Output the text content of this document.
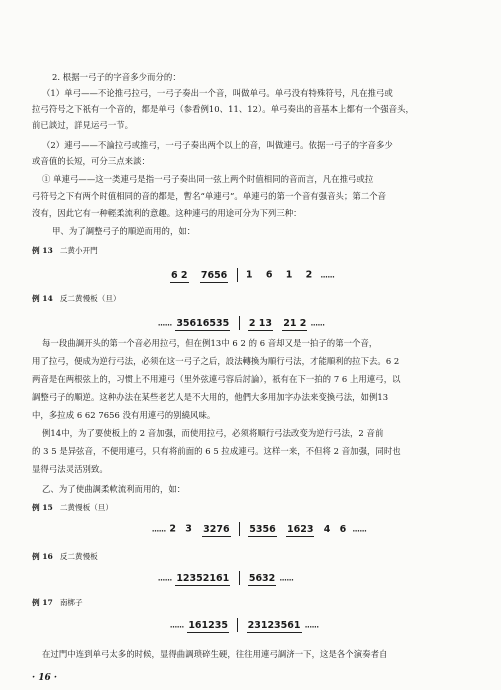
2. 根据一弓子的字音多少而分的：
（1）单弓——不论推弓拉弓，一弓子奏出一个音，叫做单弓。单弓没有特殊符号，凡在推弓或
拉弓符号之下祇有一个音的，都是单弓（参看例10、11、12）。单弓奏出的音基本上都有一个强音头，
前已談过，詳見运弓一节。
（2）連弓——不論拉弓或推弓，一弓子奏出两个以上的音，叫做連弓。依据一弓子的字音多少
或音值的长短，可分三点来談：
① 单連弓——这一类連弓是指一弓子奏出同一弦上两个时值相同的音而言，凡在推弓或拉
弓符号之下有两个时值相同的音的都是，暫名“单連弓”。单連弓的第一个音有强音头；第二个音
沒有，因此它有一种輕柔流利的意趣。这种連弓的用途可分为下列三种：
甲、为了調整弓子的順逆而用的，如：
例 13 二黄小开門
6 2 7656 1 6 1 2 ……
例 14 反二黄慢板（旦）
…… 35616535 2 13 21 2 ……
每一段曲調开头的第一个音必用拉弓，但在例13中 6 2 的 6 音却又是一拍子的第一个音，
用了拉弓，便成为逆行弓法，必须在这一弓子之后，設法轉換为順行弓法，才能順利的拉下去。6 2
两音是在两根弦上的，习惯上不用連弓（里外弦連弓容后討論），祇有在下一拍的 7 6 上用連弓，以
調整弓子的順逆。这种办法在某些老艺人是不大用的，他們大多用加字办法来变換弓法，如例13
中，多拉成 6 62 7656 没有用連弓的别繞风味。
例14中，为了要使板上的 2 音加强，而使用拉弓，必须将順行弓法改变为逆行弓法，2 音前
的 3 5 是异弦音，不便用連弓，只有将前面的 6 5 拉成連弓。这样一来，不但将 2 音加强，同时也
显得弓法灵活別致。
乙、为了使曲調柔軟流利而用的，如：
例 15 二黄慢板（旦）
…… 2 3 3276 5356 1623 4 6 ……
例 16 反二黄慢板
…… 12352161 5632 ……
例 17 南梆子
…… 161235 23123561 ……
在过門中连到单弓太多的时候，显得曲調琐碎生硬，往往用連弓調济一下，这是各个演奏者自
· 16 ·
